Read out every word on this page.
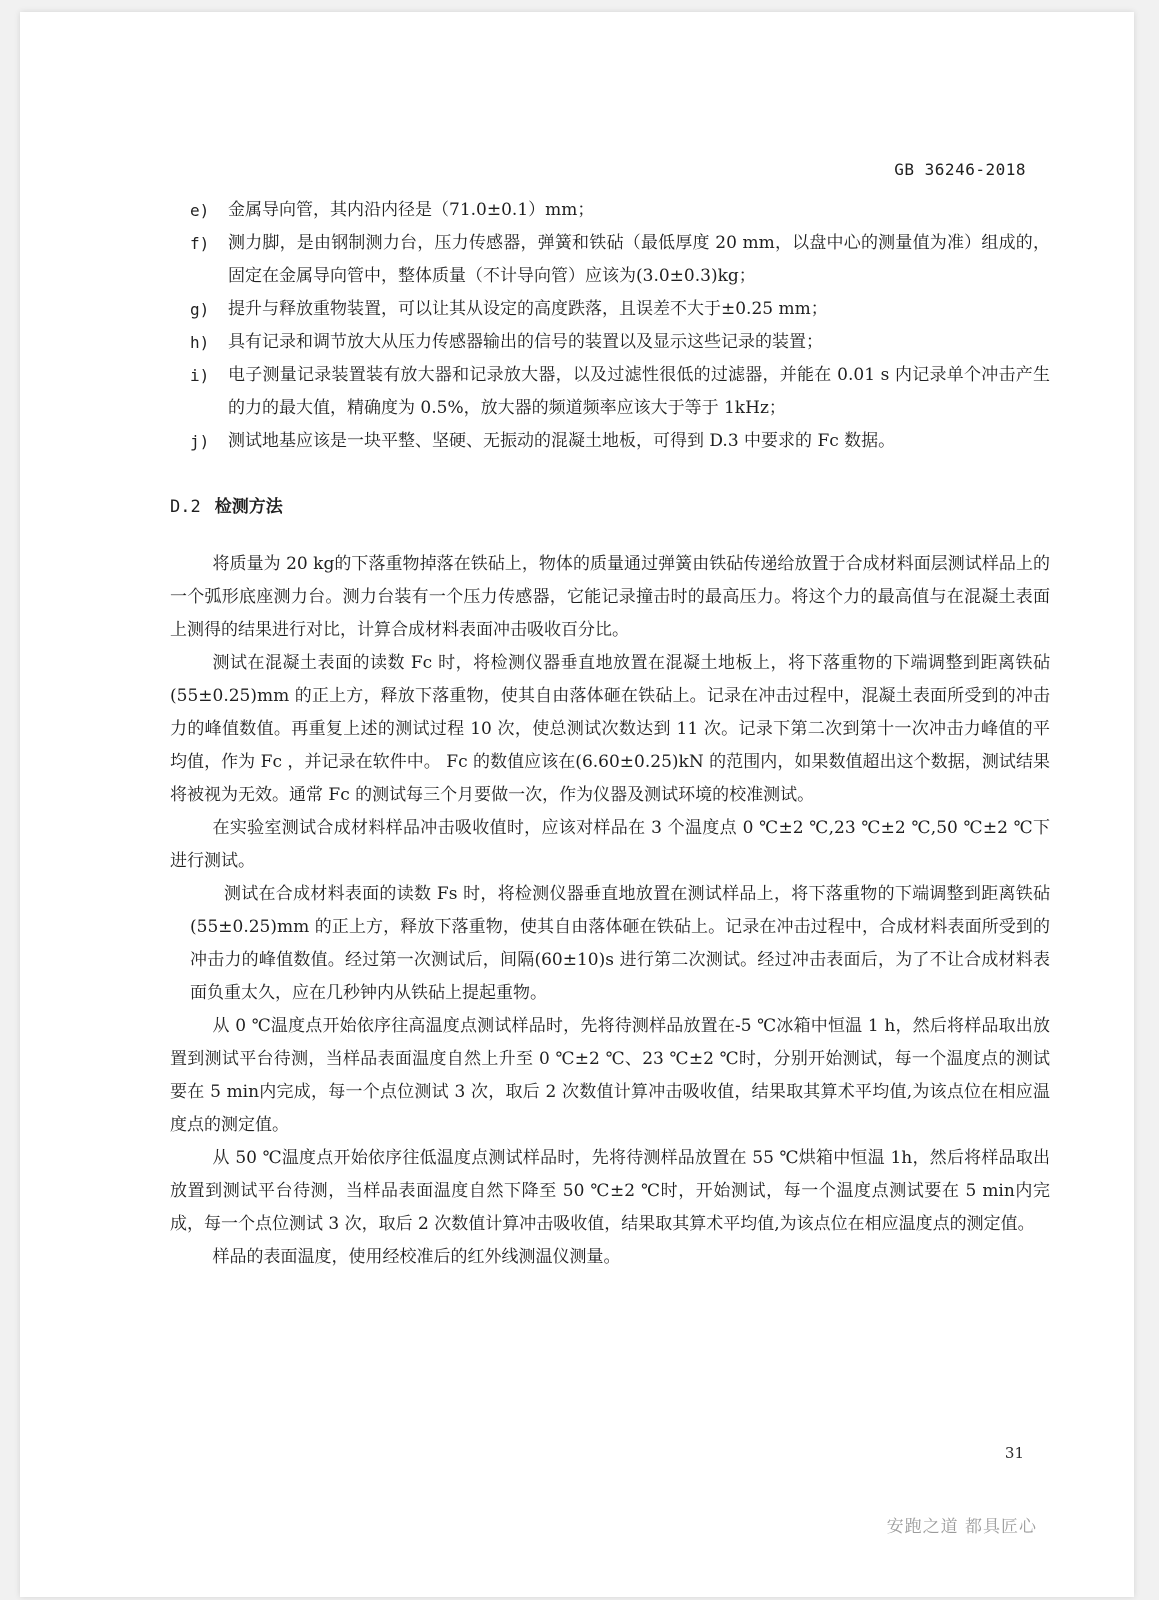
GB 36246-2018
e)	金属导向管，其内沿内径是（71.0±0.1）mm；
f)	测力脚，是由钢制测力台，压力传感器，弹簧和铁砧（最低厚度 20 mm，以盘中心的测量值为准）组成的，固定在金属导向管中，整体质量（不计导向管）应该为(3.0±0.3)kg；
g)	提升与释放重物装置，可以让其从设定的高度跌落，且误差不大于±0.25 mm；
h)	具有记录和调节放大从压力传感器输出的信号的装置以及显示这些记录的装置；
i)	电子测量记录装置装有放大器和记录放大器，以及过滤性很低的过滤器，并能在 0.01 s 内记录单个冲击产生的力的最大值，精确度为 0.5%，放大器的频道频率应该大于等于 1kHz；
j)	测试地基应该是一块平整、坚硬、无振动的混凝土地板，可得到 D.3 中要求的 Fc 数据。
D.2 检测方法

将质量为 20 kg的下落重物掉落在铁砧上，物体的质量通过弹簧由铁砧传递给放置于合成材料面层测试样品上的一个弧形底座测力台。测力台装有一个压力传感器，它能记录撞击时的最高压力。将这个力的最高值与在混凝土表面上测得的结果进行对比，计算合成材料表面冲击吸收百分比。

测试在混凝土表面的读数 Fc 时，将检测仪器垂直地放置在混凝土地板上，将下落重物的下端调整到距离铁砧(55±0.25)mm 的正上方，释放下落重物，使其自由落体砸在铁砧上。记录在冲击过程中，混凝土表面所受到的冲击力的峰值数值。再重复上述的测试过程 10 次，使总测试次数达到 11 次。记录下第二次到第十一次冲击力峰值的平均值，作为 Fc ，并记录在软件中。 Fc 的数值应该在(6.60±0.25)kN 的范围内，如果数值超出这个数据，测试结果将被视为无效。通常 Fc 的测试每三个月要做一次，作为仪器及测试环境的校准测试。

在实验室测试合成材料样品冲击吸收值时，应该对样品在 3 个温度点 0 ℃±2 ℃,23 ℃±2 ℃,50 ℃±2 ℃下进行测试。

测试在合成材料表面的读数 Fs 时，将检测仪器垂直地放置在测试样品上，将下落重物的下端调整到距离铁砧(55±0.25)mm 的正上方，释放下落重物，使其自由落体砸在铁砧上。记录在冲击过程中，合成材料表面所受到的冲击力的峰值数值。经过第一次测试后，间隔(60±10)s 进行第二次测试。经过冲击表面后，为了不让合成材料表面负重太久，应在几秒钟内从铁砧上提起重物。

从 0 ℃温度点开始依序往高温度点测试样品时，先将待测样品放置在-5 ℃冰箱中恒温 1 h，然后将样品取出放置到测试平台待测，当样品表面温度自然上升至 0 ℃±2 ℃、23 ℃±2 ℃时，分别开始测试，每一个温度点的测试要在 5 min内完成，每一个点位测试 3 次，取后 2 次数值计算冲击吸收值，结果取其算术平均值,为该点位在相应温度点的测定值。

从 50 ℃温度点开始依序往低温度点测试样品时，先将待测样品放置在 55 ℃烘箱中恒温 1h，然后将样品取出放置到测试平台待测，当样品表面温度自然下降至 50 ℃±2 ℃时，开始测试，每一个温度点测试要在 5 min内完成，每一个点位测试 3 次，取后 2 次数值计算冲击吸收值，结果取其算术平均值,为该点位在相应温度点的测定值。

样品的表面温度，使用经校准后的红外线测温仪测量。

31
安跑之道 都具匠心
